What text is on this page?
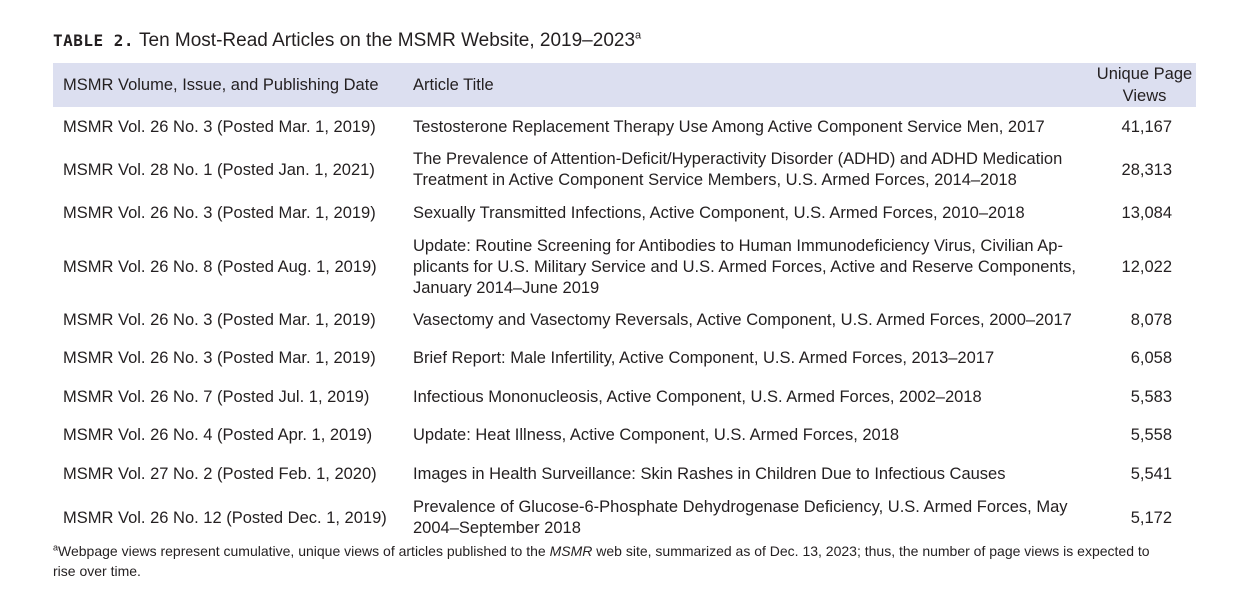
TABLE 2. Ten Most-Read Articles on the MSMR Website, 2019–2023$^a$
MSMR Volume, Issue, and Publishing Date	Article Title	Unique Page Views
MSMR Vol. 26 No. 3 (Posted Mar. 1, 2019)	Testosterone Replacement Therapy Use Among Active Component Service Men, 2017	41,167
MSMR Vol. 28 No. 1 (Posted Jan. 1, 2021)	The Prevalence of Attention-Deficit/Hyperactivity Disorder (ADHD) and ADHD Medication Treatment in Active Component Service Members, U.S. Armed Forces, 2014–2018	28,313
MSMR Vol. 26 No. 3 (Posted Mar. 1, 2019)	Sexually Transmitted Infections, Active Component, U.S. Armed Forces, 2010–2018	13,084
MSMR Vol. 26 No. 8 (Posted Aug. 1, 2019)	Update: Routine Screening for Antibodies to Human Immunodeficiency Virus, Civilian Ap-plicants for U.S. Military Service and U.S. Armed Forces, Active and Reserve Components, January 2014–June 2019	12,022
MSMR Vol. 26 No. 3 (Posted Mar. 1, 2019)	Vasectomy and Vasectomy Reversals, Active Component, U.S. Armed Forces, 2000–2017	8,078
MSMR Vol. 26 No. 3 (Posted Mar. 1, 2019)	Brief Report: Male Infertility, Active Component, U.S. Armed Forces, 2013–2017	6,058
MSMR Vol. 26 No. 7 (Posted Jul. 1, 2019)	Infectious Mononucleosis, Active Component, U.S. Armed Forces, 2002–2018	5,583
MSMR Vol. 26 No. 4 (Posted Apr. 1, 2019)	Update: Heat Illness, Active Component, U.S. Armed Forces, 2018	5,558
MSMR Vol. 27 No. 2 (Posted Feb. 1, 2020)	Images in Health Surveillance: Skin Rashes in Children Due to Infectious Causes	5,541
MSMR Vol. 26 No. 12 (Posted Dec. 1, 2019)	Prevalence of Glucose-6-Phosphate Dehydrogenase Deficiency, U.S. Armed Forces, May 2004–September 2018	5,172
$^a$Webpage views represent cumulative, unique views of articles published to the MSMR web site, summarized as of Dec. 13, 2023; thus, the number of page views is expected to rise over time.
